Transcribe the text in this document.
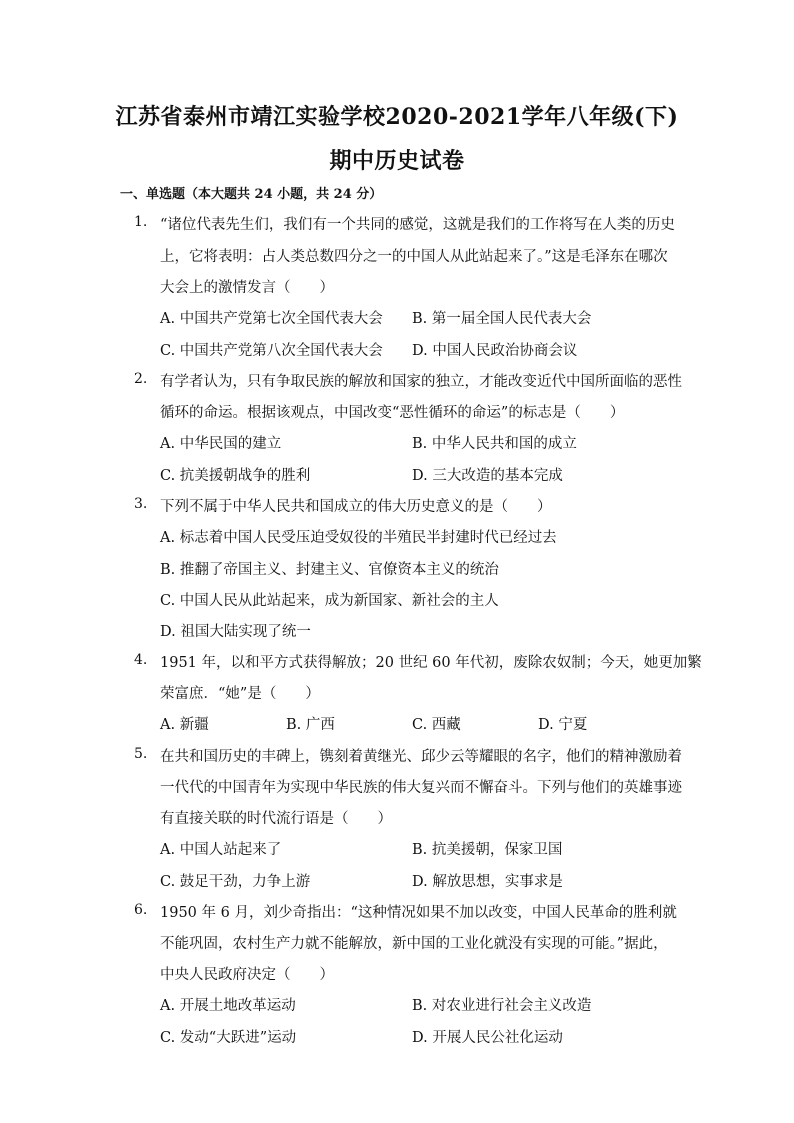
江苏省泰州市靖江实验学校2020-2021学年八年级(下)
期中历史试卷
一、单选题（本大题共 24 小题，共 24 分）
1. “诸位代表先生们，我们有一个共同的感觉，这就是我们的工作将写在人类的历史
上，它将表明：占人类总数四分之一的中国人从此站起来了。”这是毛泽东在哪次
大会上的激情发言（　　）
A. 中国共产党第七次全国代表大会 B. 第一届全国人民代表大会
C. 中国共产党第八次全国代表大会 D. 中国人民政治协商会议
2. 有学者认为，只有争取民族的解放和国家的独立，才能改变近代中国所面临的恶性
循环的命运。根据该观点，中国改变“恶性循环的命运”的标志是（　　）
A. 中华民国的建立	B. 中华人民共和国的成立
C. 抗美援朝战争的胜利	D. 三大改造的基本完成
3. 下列不属于中华人民共和国成立的伟大历史意义的是（　　）
A. 标志着中国人民受压迫受奴役的半殖民半封建时代已经过去
B. 推翻了帝国主义、封建主义、官僚资本主义的统治
C. 中国人民从此站起来，成为新国家、新社会的主人
D. 祖国大陆实现了统一
4. 1951 年，以和平方式获得解放；20 世纪 60 年代初，废除农奴制；今天，她更加繁
荣富庶．“她”是（　　）
A. 新疆	B. 广西	C. 西藏	D. 宁夏
5. 在共和国历史的丰碑上，镌刻着黄继光、邱少云等耀眼的名字，他们的精神激励着
一代代的中国青年为实现中华民族的伟大复兴而不懈奋斗。下列与他们的英雄事迹
有直接关联的时代流行语是（　　）
A. 中国人站起来了	B. 抗美援朝，保家卫国
C. 鼓足干劲，力争上游	D. 解放思想，实事求是
6. 1950 年 6 月，刘少奇指出：“这种情况如果不加以改变，中国人民革命的胜利就
不能巩固，农村生产力就不能解放，新中国的工业化就没有实现的可能。”据此，
中央人民政府决定（　　）
A. 开展土地改革运动	B. 对农业进行社会主义改造
C. 发动“大跃进”运动	D. 开展人民公社化运动
